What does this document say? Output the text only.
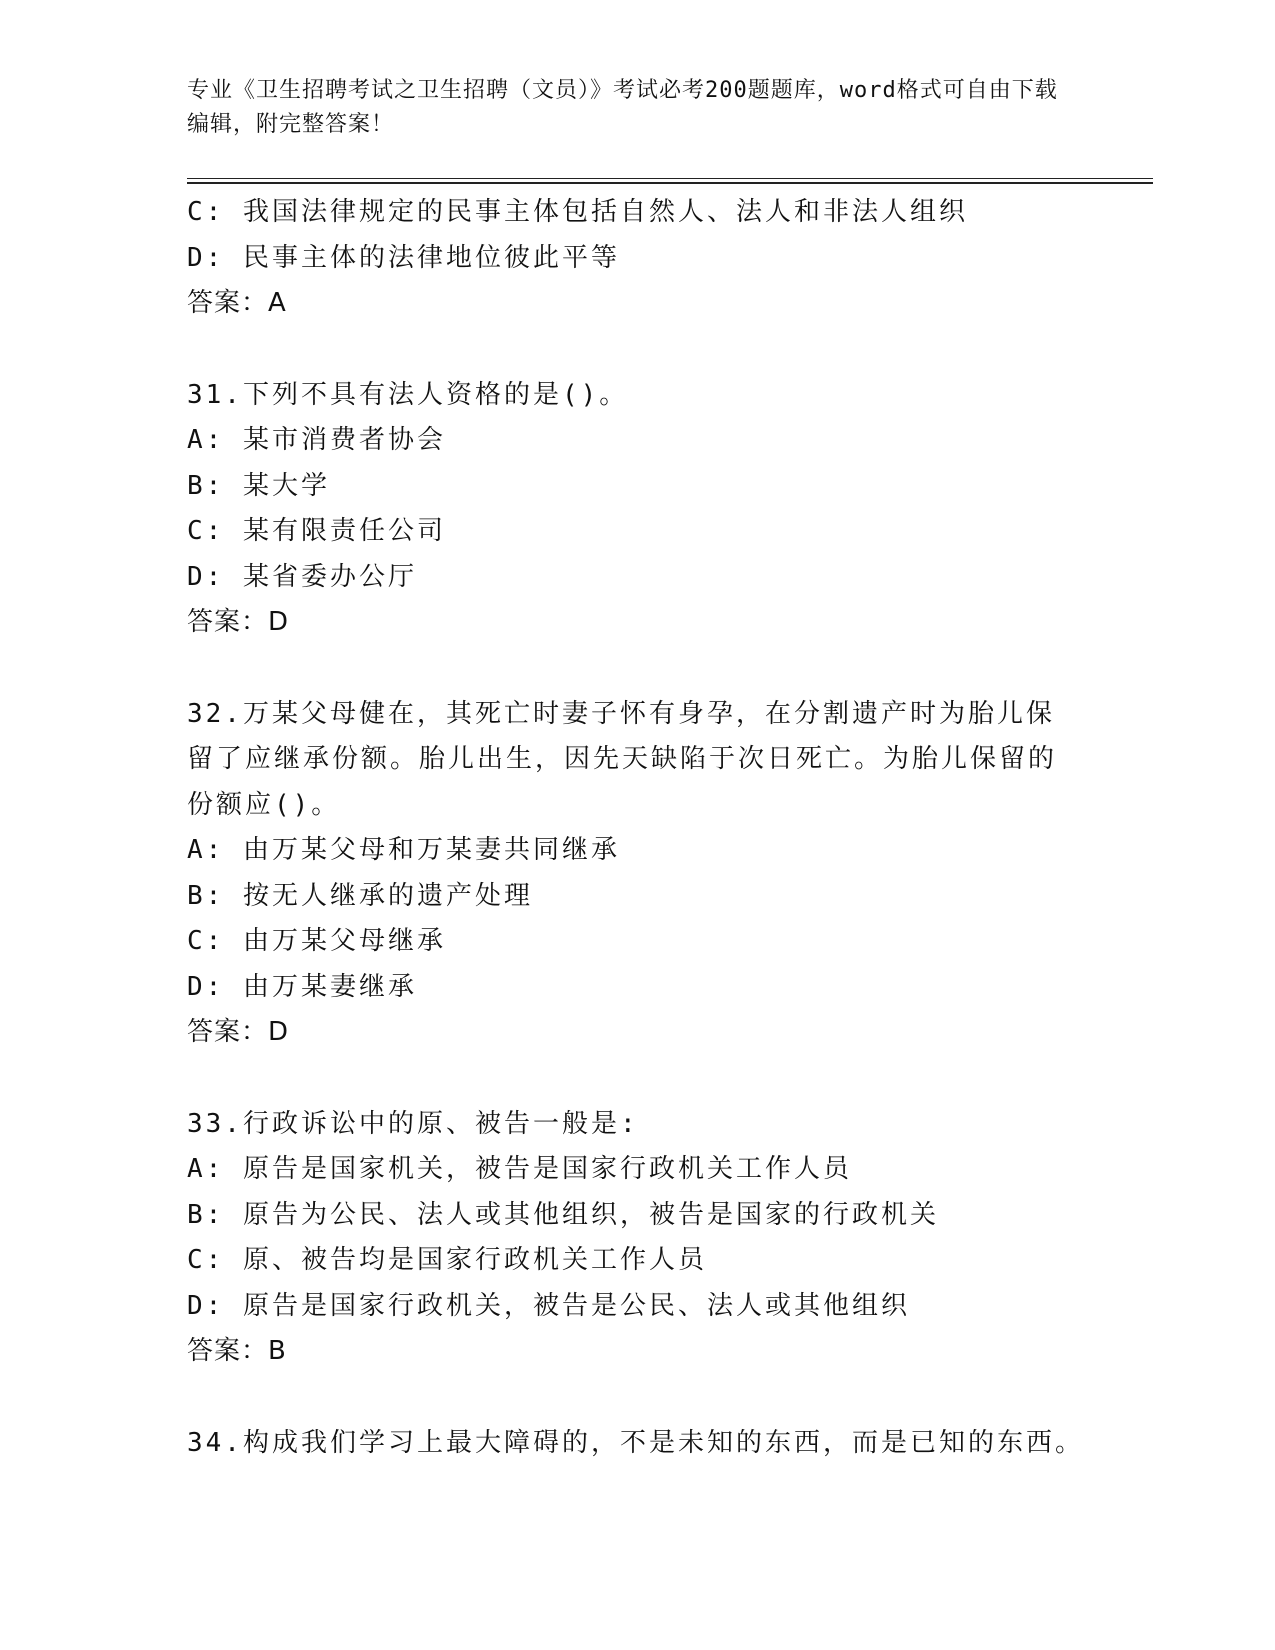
专业《卫生招聘考试之卫生招聘（文员）》考试必考200题题库，word格式可自由下载编辑，附完整答案！
C: 我国法律规定的民事主体包括自然人、法人和非法人组织
D: 民事主体的法律地位彼此平等
答案：A
31.下列不具有法人资格的是()。
A: 某市消费者协会
B: 某大学
C: 某有限责任公司
D: 某省委办公厅
答案：D
32.万某父母健在，其死亡时妻子怀有身孕，在分割遗产时为胎儿保留了应继承份额。胎儿出生，因先天缺陷于次日死亡。为胎儿保留的份额应()。
A: 由万某父母和万某妻共同继承
B: 按无人继承的遗产处理
C: 由万某父母继承
D: 由万某妻继承
答案：D
33.行政诉讼中的原、被告一般是:
A: 原告是国家机关，被告是国家行政机关工作人员
B: 原告为公民、法人或其他组织，被告是国家的行政机关
C: 原、被告均是国家行政机关工作人员
D: 原告是国家行政机关，被告是公民、法人或其他组织
答案：B
34.构成我们学习上最大障碍的，不是未知的东西，而是已知的东西。
